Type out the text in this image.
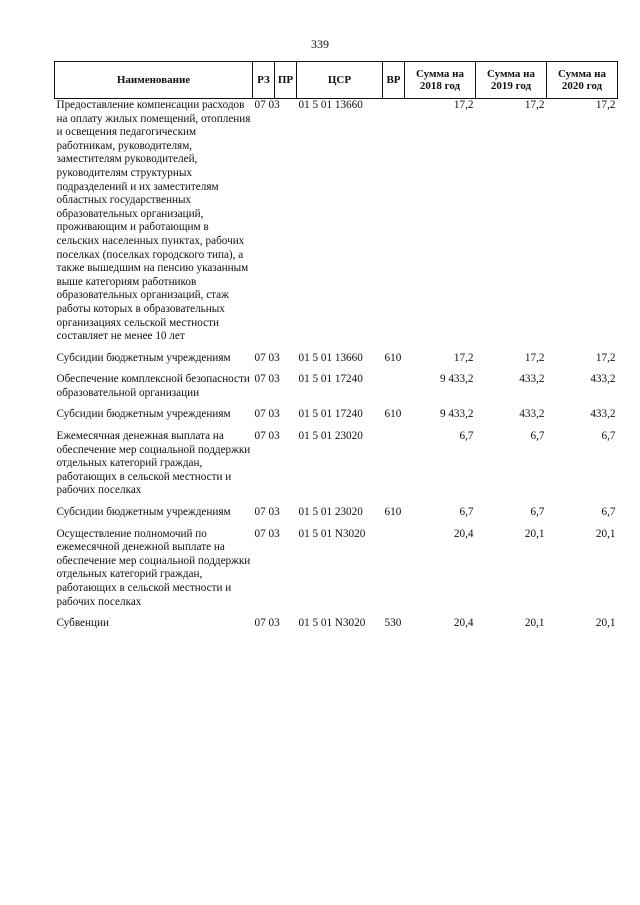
339
Наименование	РЗ	ПР	ЦСР	ВР	Сумма на 2018 год	Сумма на 2019 год	Сумма на 2020 год
Предоставление компенсации расходов на оплату жилых помещений, отопления и освещения педагогическим работникам, руководителям, заместителям руководителей, руководителям структурных подразделений и их заместителям областных государственных образовательных организаций, проживающим и работающим в сельских населенных пунктах, рабочих поселках (поселках городского типа), а также вышедшим на пенсию указанным выше категориям работников образовательных организаций, стаж работы которых в образовательных организациях сельской местности составляет не менее 10 лет	07 03		01 5 01 13660		17,2	17,2	17,2
Субсидии бюджетным учреждениям	07 03		01 5 01 13660	610	17,2	17,2	17,2
Обеспечение комплексной безопасности образовательной организации	07 03		01 5 01 17240		9 433,2	433,2	433,2
Субсидии бюджетным учреждениям	07 03		01 5 01 17240	610	9 433,2	433,2	433,2
Ежемесячная денежная выплата на обеспечение мер социальной поддержки отдельных категорий граждан, работающих в сельской местности и рабочих поселках	07 03		01 5 01 23020		6,7	6,7	6,7
Субсидии бюджетным учреждениям	07 03		01 5 01 23020	610	6,7	6,7	6,7
Осуществление полномочий по ежемесячной денежной выплате на обеспечение мер социальной поддержки отдельных категорий граждан, работающих в сельской местности и рабочих поселках	07 03		01 5 01 N3020		20,4	20,1	20,1
Субвенции	07 03		01 5 01 N3020	530	20,4	20,1	20,1
